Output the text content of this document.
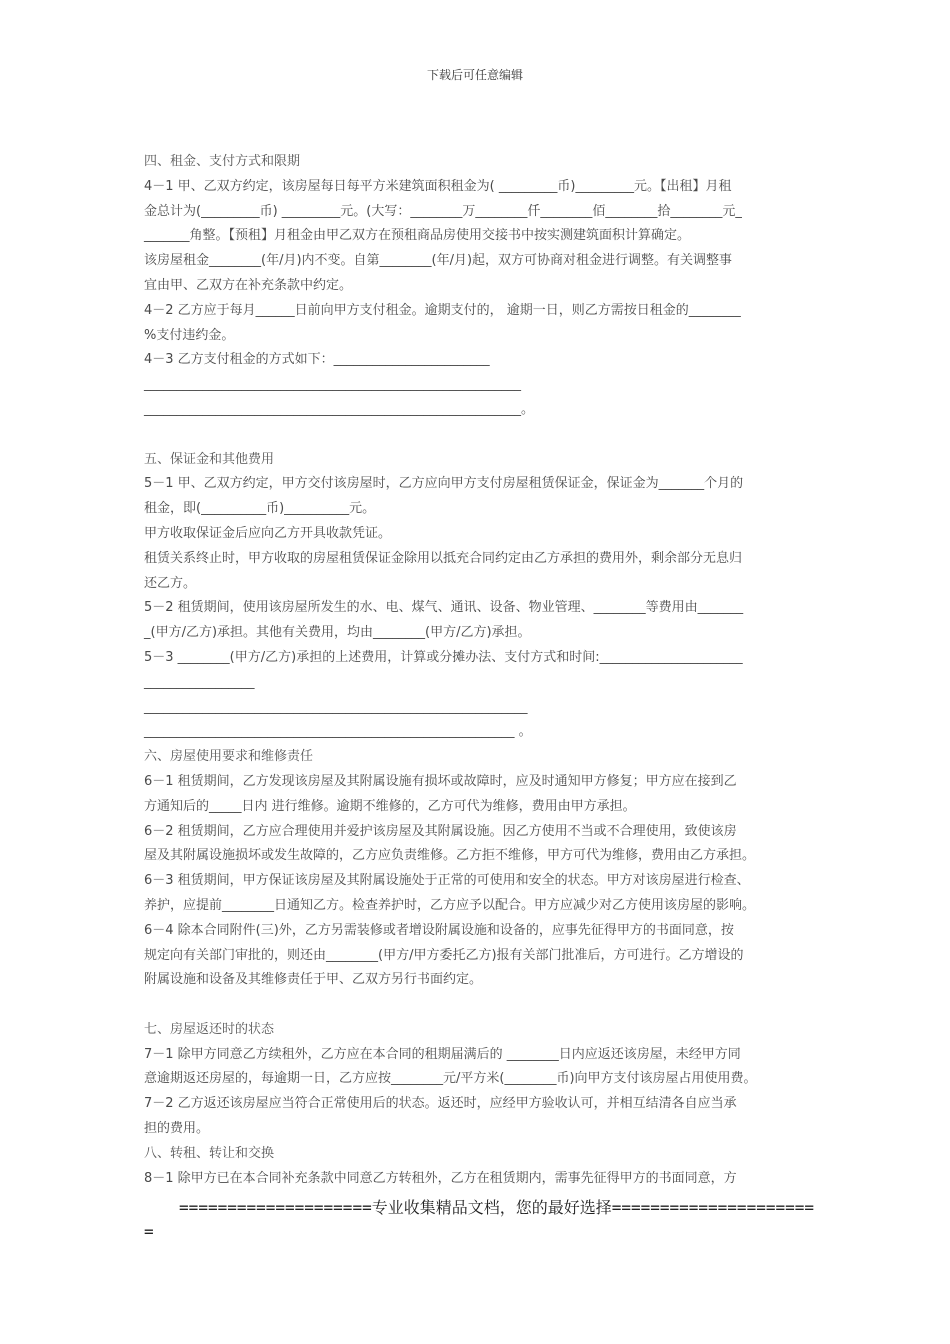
下载后可任意编辑
四、租金、支付方式和限期
4－1 甲、乙双方约定，该房屋每日每平方米建筑面积租金为( _________币)_________元。【出租】月租
金总计为(_________币) _________元。(大写：________万________仟________佰________拾________元_
_______角整。【预租】月租金由甲乙双方在预租商品房使用交接书中按实测建筑面积计算确定。
该房屋租金________(年/月)内不变。自第________(年/月)起，双方可协商对租金进行调整。有关调整事
宜由甲、乙双方在补充条款中约定。
4－2 乙方应于每月______日前向甲方支付租金。逾期支付的， 逾期一日，则乙方需按日租金的________
%支付违约金。
4－3 乙方支付租金的方式如下：________________________
__________________________________________________________
__________________________________________________________。
五、保证金和其他费用
5－1 甲、乙双方约定，甲方交付该房屋时，乙方应向甲方支付房屋租赁保证金，保证金为_______个月的
租金，即(__________币)__________元。
甲方收取保证金后应向乙方开具收款凭证。
租赁关系终止时，甲方收取的房屋租赁保证金除用以抵充合同约定由乙方承担的费用外，剩余部分无息归
还乙方。
5－2 租赁期间，使用该房屋所发生的水、电、煤气、通讯、设备、物业管理、________等费用由_______
_(甲方/乙方)承担。其他有关费用，均由________(甲方/乙方)承担。
5－3 ________(甲方/乙方)承担的上述费用，计算或分摊办法、支付方式和时间:______________________
_________________
___________________________________________________________
_________________________________________________________ 。
六、房屋使用要求和维修责任
6－1 租赁期间，乙方发现该房屋及其附属设施有损坏或故障时，应及时通知甲方修复；甲方应在接到乙
方通知后的_____日内 进行维修。逾期不维修的，乙方可代为维修，费用由甲方承担。
6－2 租赁期间，乙方应合理使用并爱护该房屋及其附属设施。因乙方使用不当或不合理使用，致使该房
屋及其附属设施损坏或发生故障的，乙方应负责维修。乙方拒不维修，甲方可代为维修，费用由乙方承担。
6－3 租赁期间，甲方保证该房屋及其附属设施处于正常的可使用和安全的状态。甲方对该房屋进行检查、
养护，应提前________日通知乙方。检查养护时，乙方应予以配合。甲方应减少对乙方使用该房屋的影响。
6－4 除本合同附件(三)外，乙方另需装修或者增设附属设施和设备的，应事先征得甲方的书面同意，按
规定向有关部门审批的，则还由________(甲方/甲方委托乙方)报有关部门批准后，方可进行。乙方增设的
附属设施和设备及其维修责任于甲、乙双方另行书面约定。
七、房屋返还时的状态
7－1 除甲方同意乙方续租外，乙方应在本合同的租期届满后的 ________日内应返还该房屋，未经甲方同
意逾期返还房屋的，每逾期一日，乙方应按________元/平方米(________币)向甲方支付该房屋占用使用费。
7－2 乙方返还该房屋应当符合正常使用后的状态。返还时，应经甲方验收认可，并相互结清各自应当承
担的费用。
八、转租、转让和交换
8－1 除甲方已在本合同补充条款中同意乙方转租外，乙方在租赁期内，需事先征得甲方的书面同意，方
====================专业收集精品文档，您的最好选择=====================
=
